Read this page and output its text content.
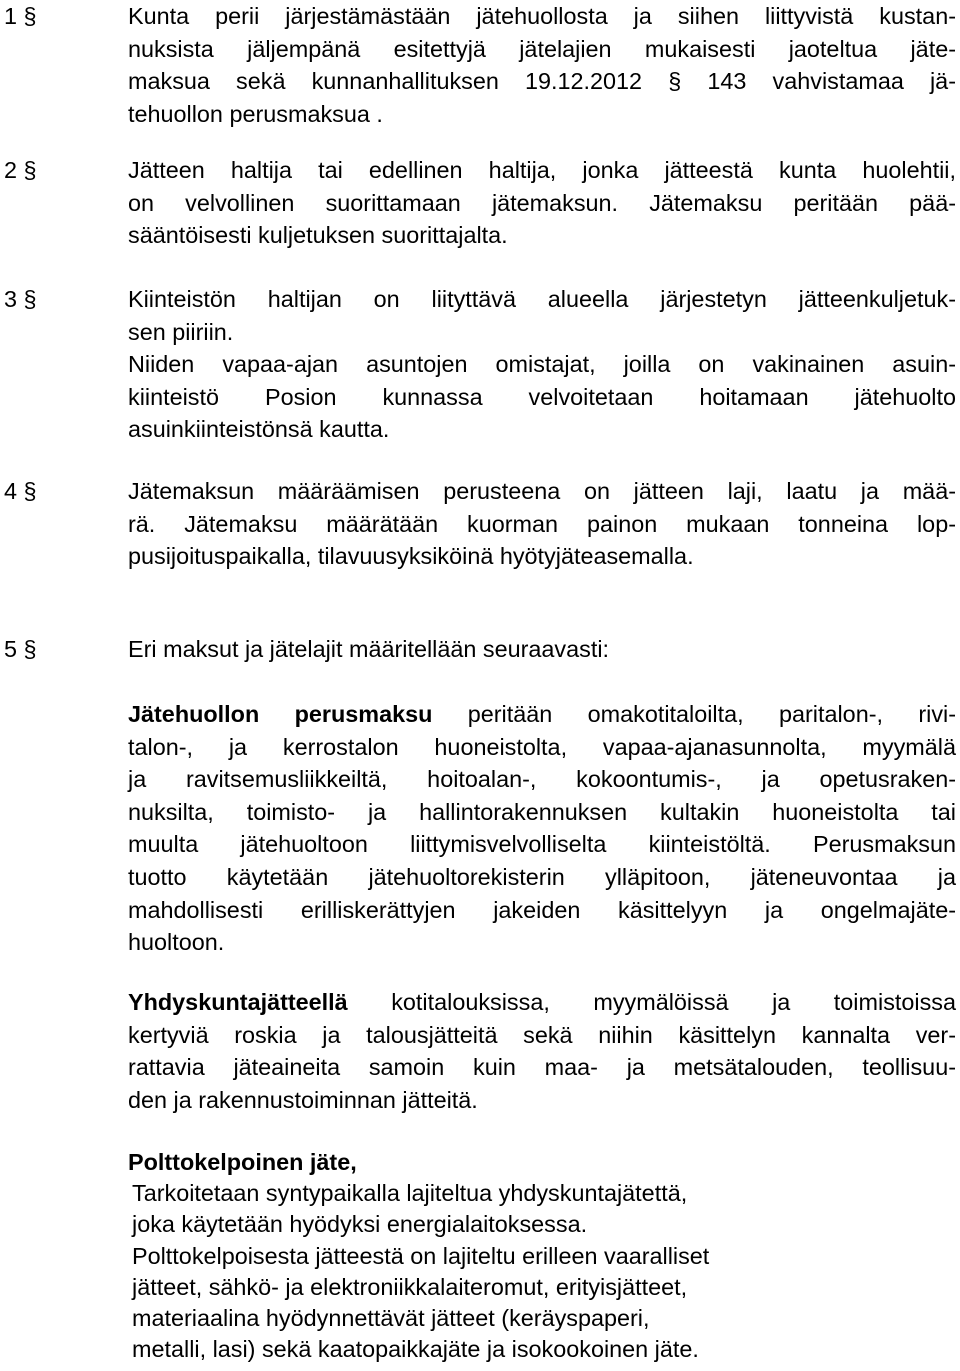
1 §	Kunta perii järjestämästään jätehuollosta ja siihen liittyvistä kustan-
nuksista jäljempänä esitettyjä jätelajien mukaisesti jaoteltua jäte-
maksua sekä kunnanhallituksen 19.12.2012 § 143 vahvistamaa jä-
tehuollon perusmaksua .
2 §	Jätteen haltija tai edellinen haltija, jonka jätteestä kunta huolehtii,
on velvollinen suorittamaan jätemaksun. Jätemaksu peritään pää-
sääntöisesti kuljetuksen suorittajalta.
3 §	Kiinteistön haltijan on liityttävä alueella järjestetyn jätteenkuljetuk-
sen piiriin.
Niiden vapaa-ajan asuntojen omistajat, joilla on vakinainen asuin-
kiinteistö Posion kunnassa velvoitetaan hoitamaan jätehuolto
asuinkiinteistönsä kautta.
4 §	Jätemaksun määräämisen perusteena on jätteen laji, laatu ja mää-
rä. Jätemaksu määrätään kuorman painon mukaan tonneina lop-
pusijoituspaikalla, tilavuusyksiköinä hyötyjäteasemalla.
5 §	Eri maksut ja jätelajit määritellään seuraavasti:
Jätehuollon perusmaksu peritään omakotitaloilta, paritalon-, rivi-
talon-, ja kerrostalon huoneistolta, vapaa-ajanasunnolta, myymälä
ja ravitsemusliikkeiltä, hoitoalan-, kokoontumis-, ja opetusraken-
nuksilta, toimisto- ja hallintorakennuksen kultakin huoneistolta tai
muulta jätehuoltoon liittymisvelvolliselta kiinteistöltä. Perusmaksun
tuotto käytetään jätehuoltorekisterin ylläpitoon, jäteneuvontaa ja
mahdollisesti erilliskerättyjen jakeiden käsittelyyn ja ongelmajäte-
huoltoon.
Yhdyskuntajätteellä kotitalouksissa, myymälöissä ja toimistoissa
kertyviä roskia ja talousjätteitä sekä niihin käsittelyn kannalta ver-
rattavia jäteaineita samoin kuin maa- ja metsätalouden, teollisuu-
den ja rakennustoiminnan jätteitä.
Polttokelpoinen jäte,
Tarkoitetaan syntypaikalla lajiteltua yhdyskuntajätettä,
joka käytetään hyödyksi energialaitoksessa.
Polttokelpoisesta jätteestä on lajiteltu erilleen vaaralliset
jätteet, sähkö- ja elektroniikkalaiteromut, erityisjätteet,
materiaalina hyödynnettävät jätteet (keräyspaperi,
metalli, lasi) sekä kaatopaikkajäte ja isokookoinen jäte.
